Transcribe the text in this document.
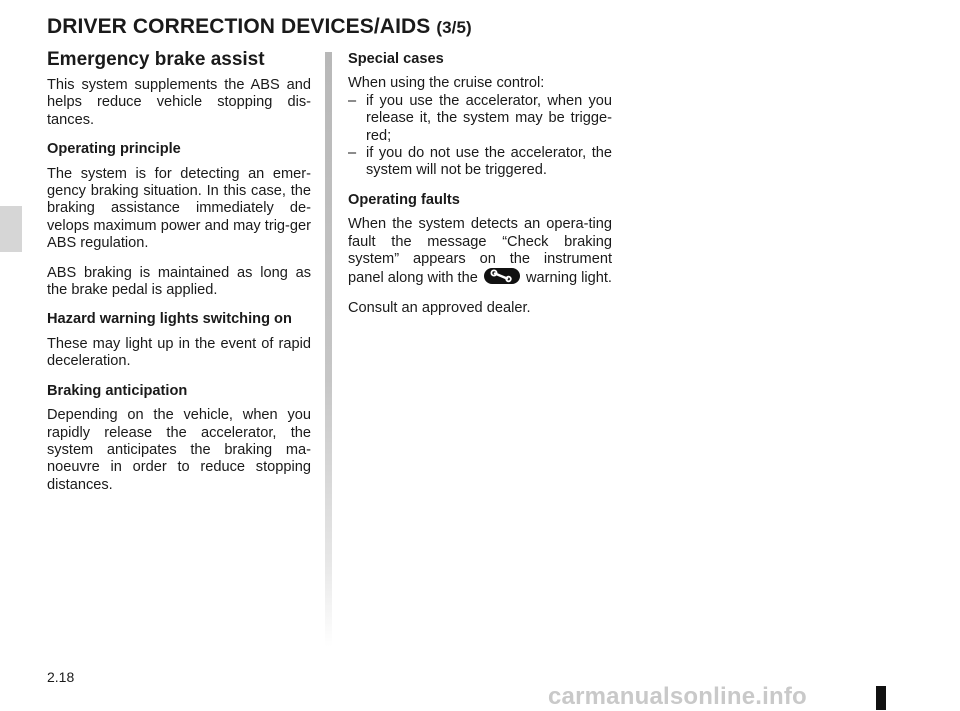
DRIVER CORRECTION DEVICES/AIDS (3/5)
Emergency brake assist

This system supplements the ABS and helps reduce vehicle stopping dis-tances.

Operating principle

The system is for detecting an emer-gency braking situation. In this case, the braking assistance immediately de-velops maximum power and may trig-ger ABS regulation.

ABS braking is maintained as long as the brake pedal is applied.

Hazard warning lights switching on

These may light up in the event of rapid deceleration.

Braking anticipation

Depending on the vehicle, when you rapidly release the accelerator, the system anticipates the braking ma-noeuvre in order to reduce stopping distances.

Special cases

When using the cruise control:

– if you use the accelerator, when you release it, the system may be trigge-red;
– if you do not use the accelerator, the system will not be triggered.
Operating faults

When the system detects an opera-ting fault the message “Check braking system” appears on the instrument panel along with the	warning light.

Consult an approved dealer.

2.18
carmanualsonline.info
